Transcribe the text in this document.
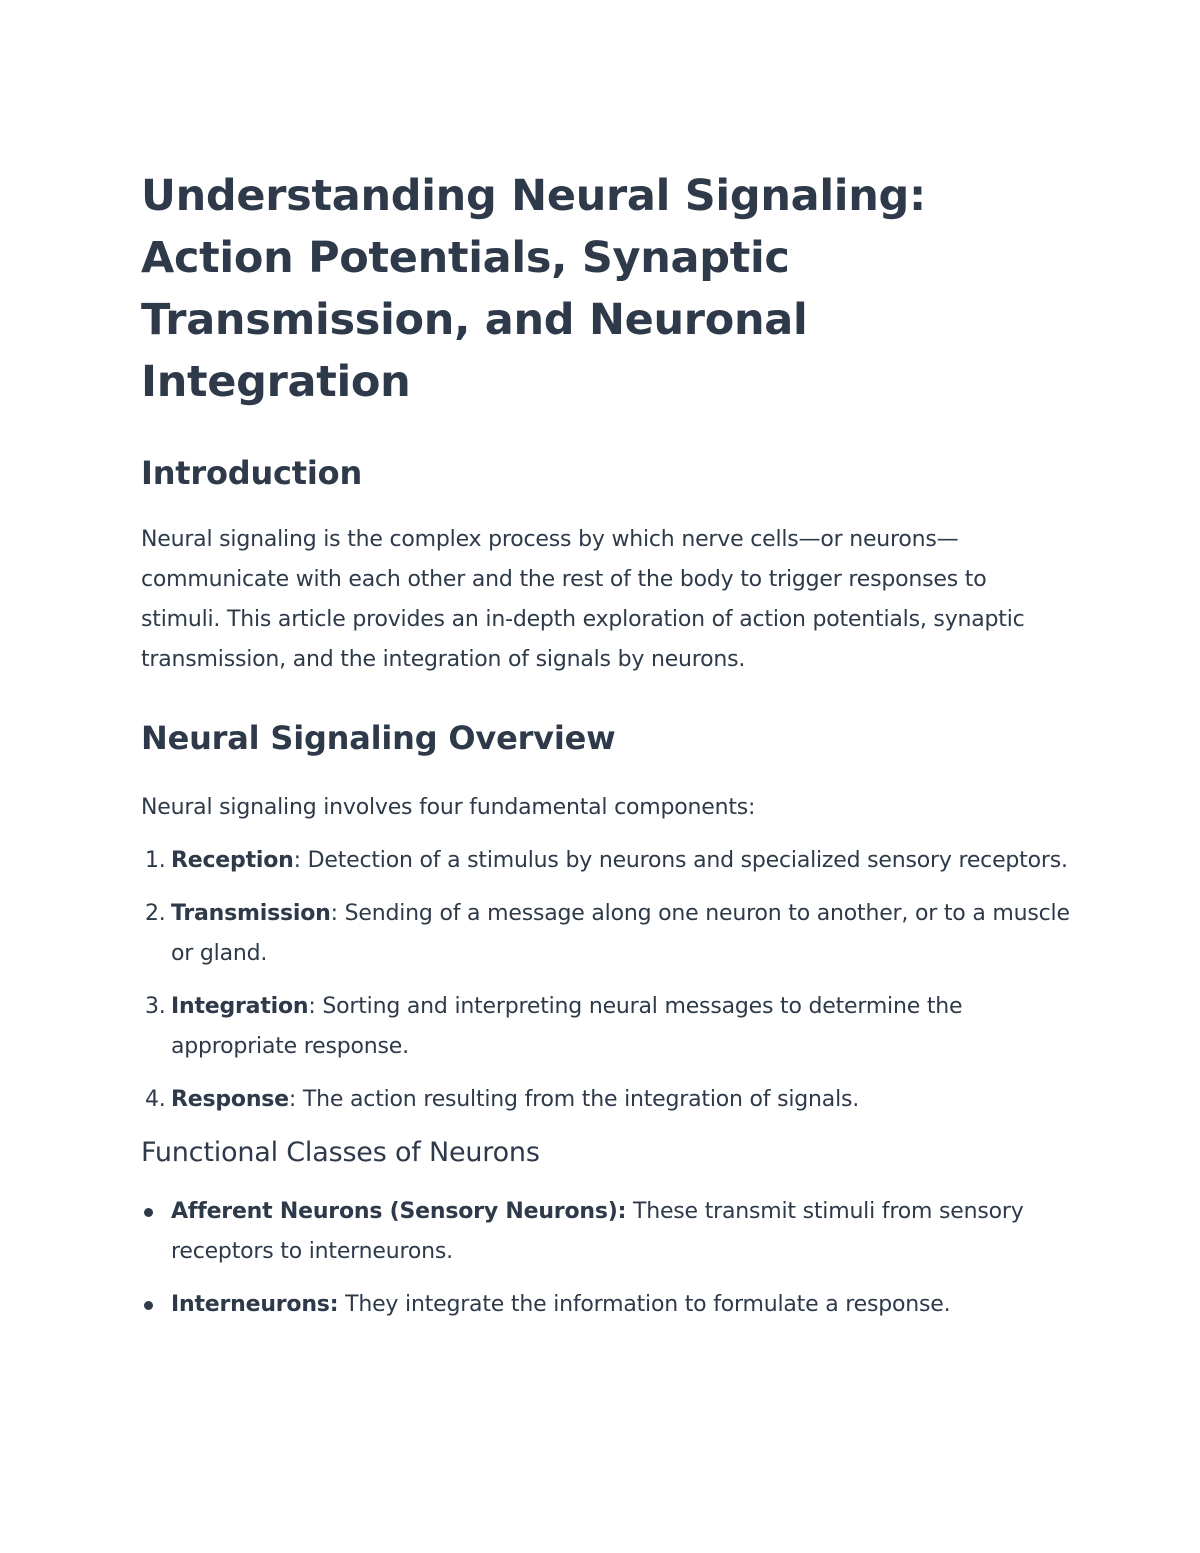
Understanding Neural Signaling: Action Potentials, Synaptic Transmission, and Neuronal Integration
Introduction

Neural signaling is the complex process by which nerve cells—or neurons—communicate with each other and the rest of the body to trigger responses to stimuli. This article provides an in-depth exploration of action potentials, synaptic transmission, and the integration of signals by neurons.

Neural Signaling Overview

Neural signaling involves four fundamental components:

1. Reception: Detection of a stimulus by neurons and specialized sensory receptors.
2. Transmission: Sending of a message along one neuron to another, or to a muscle or gland.
3. Integration: Sorting and interpreting neural messages to determine the appropriate response.
4. Response: The action resulting from the integration of signals.
Functional Classes of Neurons
Afferent Neurons (Sensory Neurons): These transmit stimuli from sensory receptors to interneurons.
Interneurons: They integrate the information to formulate a response.
